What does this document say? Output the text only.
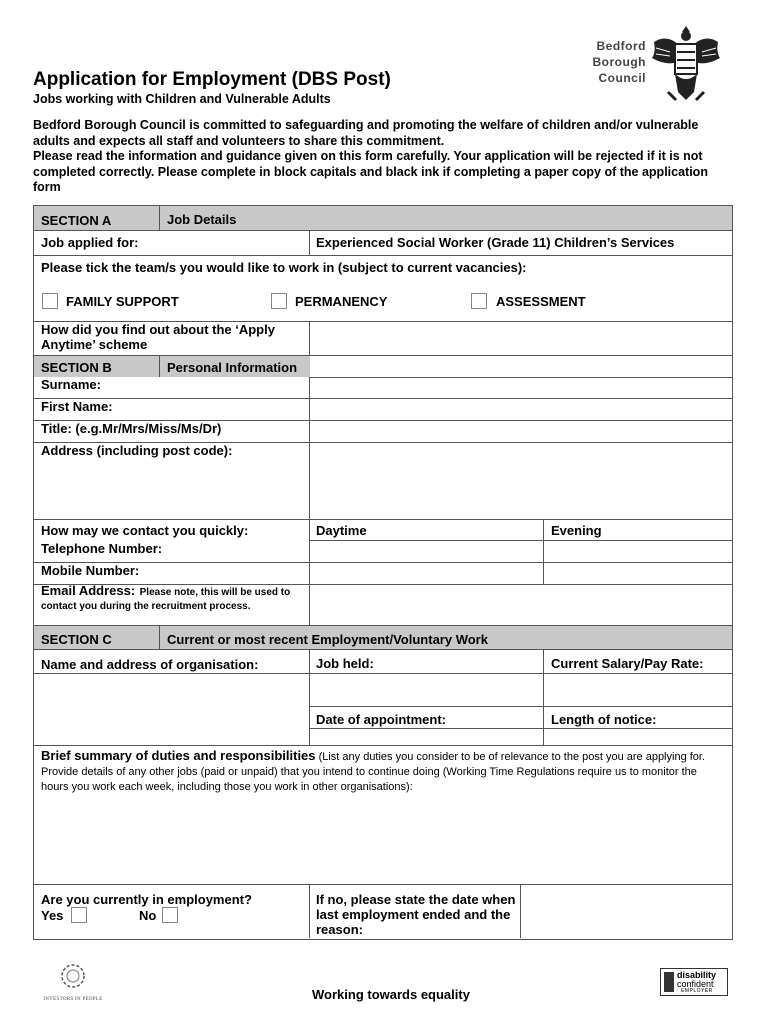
Bedford
Borough
Council
Application for Employment (DBS Post)
Jobs working with Children and Vulnerable Adults
Bedford Borough Council is committed to safeguarding and promoting the welfare of children and/or vulnerable adults and expects all staff and volunteers to share this commitment.
Please read the information and guidance given on this form carefully. Your application will be rejected if it is not completed correctly. Please complete in block capitals and black ink if completing a paper copy of the application form
SECTION A	Job Details
Job applied for:	Experienced Social Worker (Grade 11) Children’s Services
Please tick the team/s you would like to work in (subject to current vacancies):
FAMILY SUPPORT	PERMANENCY	ASSESSMENT
How did you find out about the ‘Apply Anytime’ scheme
SECTION B	Personal Information
Surname:
First Name:
Title: (e.g.Mr/Mrs/Miss/Ms/Dr)
Address (including post code):
How may we contact you quickly:	Daytime	Evening
Telephone Number:
Mobile Number:
Email Address: Please note, this will be used to contact you during the recruitment process.
SECTION C	Current or most recent Employment/Voluntary Work
Name and address of organisation:	Job held:	Current Salary/Pay Rate:
Date of appointment:	Length of notice:
Brief summary of duties and responsibilities (List any duties you consider to be of relevance to the post you are applying for. Provide details of any other jobs (paid or unpaid) that you intend to continue doing (Working Time Regulations require us to monitor the hours you work each week, including those you work in other organisations):
Are you currently in employment?
Yes	No
If no, please state the date when last employment ended and the reason:
INVESTORS IN PEOPLE	Working towards equality
disability
confident
EMPLOYER
